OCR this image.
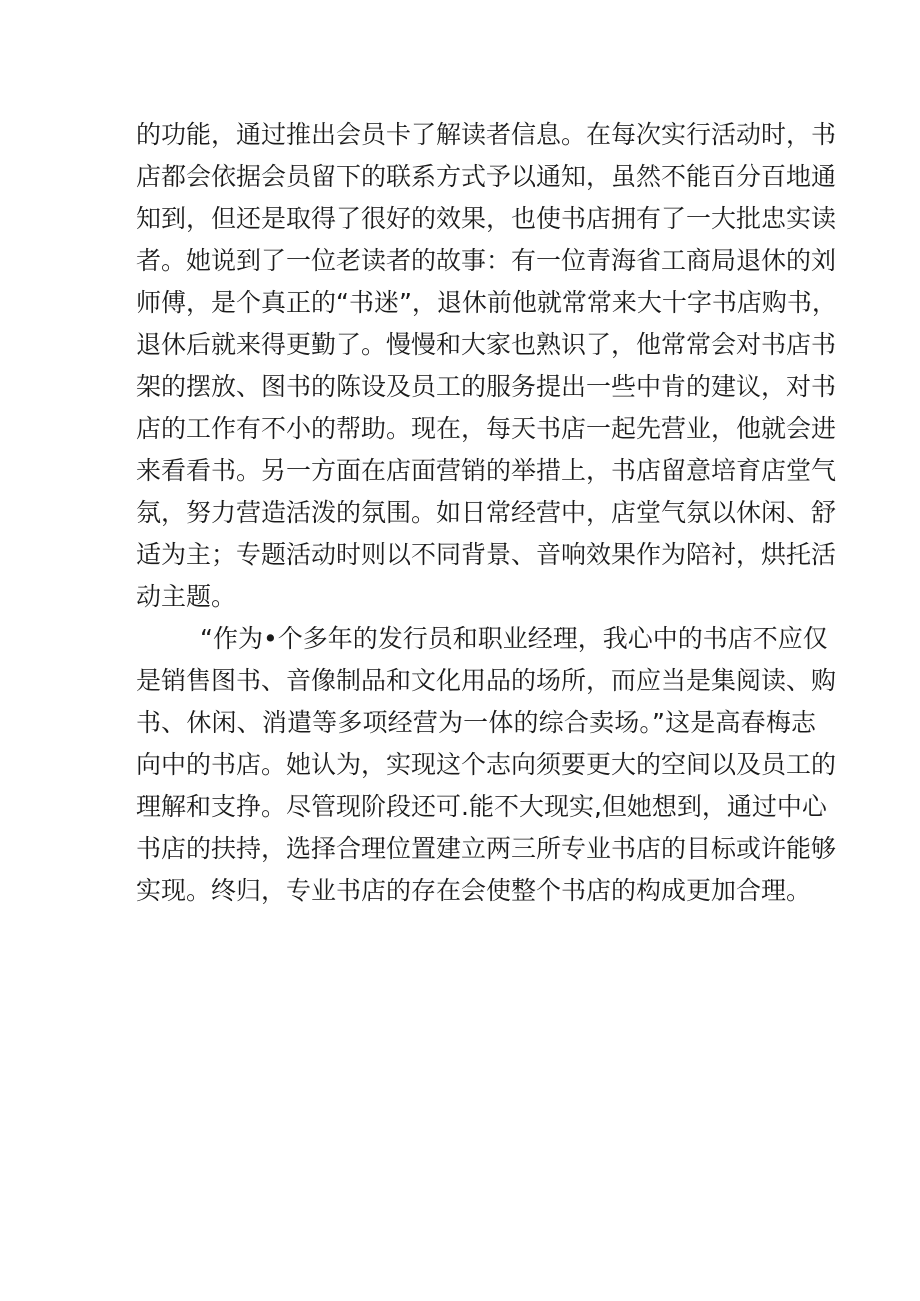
的功能，通过推出会员卡了解读者信息。在每次实行活动时，书
店都会依据会员留下的联系方式予以通知，虽然不能百分百地通
知到，但还是取得了很好的效果，也使书店拥有了一大批忠实读
者。她说到了一位老读者的故事：有一位青海省工商局退休的刘
师傅，是个真正的“书迷”，退休前他就常常来大十字书店购书，
退休后就来得更勤了。慢慢和大家也熟识了，他常常会对书店书
架的摆放、图书的陈设及员工的服务提出一些中肯的建议，对书
店的工作有不小的帮助。现在，每天书店一起先营业，他就会进
来看看书。另一方面在店面营销的举措上，书店留意培育店堂气
氛，努力营造活泼的氛围。如日常经营中，店堂气氛以休闲、舒
适为主；专题活动时则以不同背景、音响效果作为陪衬，烘托活
动主题。
“作为•个多年的发行员和职业经理，我心中的书店不应仅
是销售图书、音像制品和文化用品的场所，而应当是集阅读、购
书、休闲、消遣等多项经营为一体的综合卖场。”这是高春梅志
向中的书店。她认为，实现这个志向须要更大的空间以及员工的
理解和支挣。尽管现阶段还可.能不大现实,但她想到，通过中心
书店的扶持，选择合理位置建立两三所专业书店的目标或许能够
实现。终归，专业书店的存在会使整个书店的构成更加合理。
